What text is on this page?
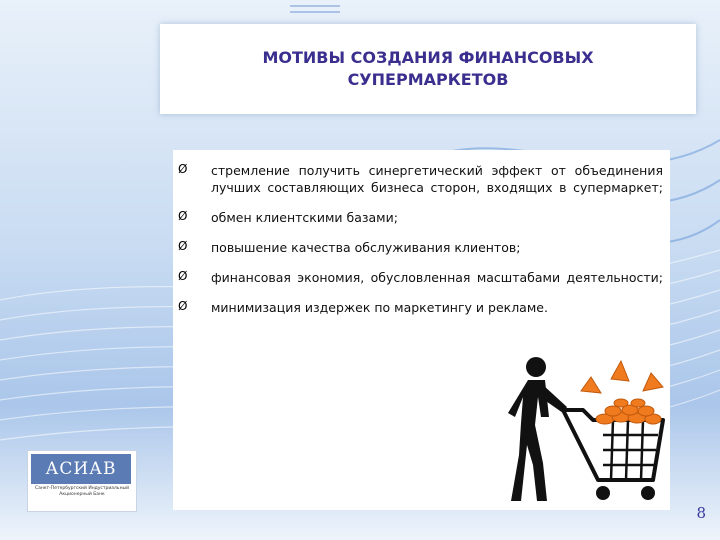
МОТИВЫ СОЗДАНИЯ ФИНАНСОВЫХ СУПЕРМАРКЕТОВ
Ø стремление получить синергетический эффект от объединения лучших составляющих бизнеса сторон, входящих в супермаркет;
Ø обмен клиентскими базами;
Ø повышение качества обслуживания клиентов;
Ø финансовая экономия, обусловленная масштабами деятельности;
Ø минимизация издержек по маркетингу и рекламе.
АСИАВ
Санкт-Петербургский Индустриальный Акционерный Банк
8
